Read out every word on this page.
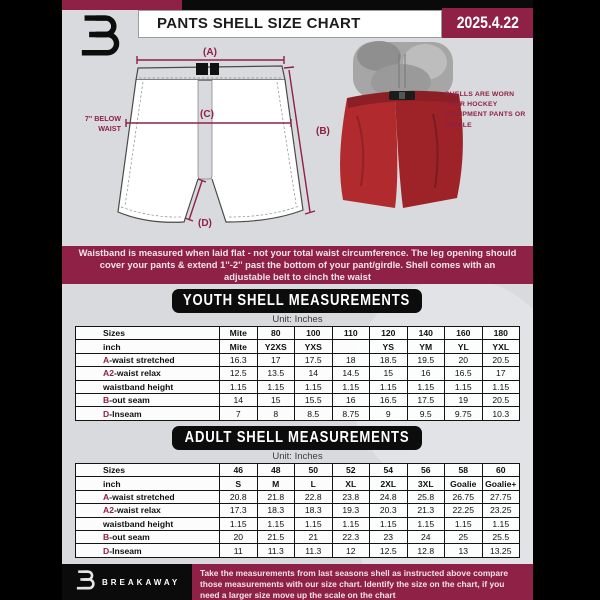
PANTS SHELL SIZE CHART	2025.4.22
(A)
(B)
(C)
(D)
7'' BELOW
WAIST
SHELLS ARE WORN OVER HOCKEY EQUIPMENT PANTS OR GIRDLE
Waistband is measured when laid flat - not your total waist circumference. The leg opening should cover your pants & extend 1''-2'' past the bottom of your pant/girdle. Shell comes with an adjustable belt to cinch the waist
YOUTH SHELL MEASUREMENTS
Unit: Inches
Sizes	Mite	80	100	110	120	140	160	180
inch	Mite	Y2XS	YXS		YS	YM	YL	YXL
A-waist stretched	16.3	17	17.5	18	18.5	19.5	20	20.5
A2-waist relax	12.5	13.5	14	14.5	15	16	16.5	17
waistband height	1.15	1.15	1.15	1.15	1.15	1.15	1.15	1.15
B-out seam	14	15	15.5	16	16.5	17.5	19	20.5
D-Inseam	7	8	8.5	8.75	9	9.5	9.75	10.3
ADULT SHELL MEASUREMENTS
Unit: Inches
Sizes	46	48	50	52	54	56	58	60
inch	S	M	L	XL	2XL	3XL	Goalie	Goalie+
A-waist stretched	20.8	21.8	22.8	23.8	24.8	25.8	26.75	27.75
A2-waist relax	17.3	18.3	18.3	19.3	20.3	21.3	22.25	23.25
waistband height	1.15	1.15	1.15	1.15	1.15	1.15	1.15	1.15
B-out seam	20	21.5	21	22.3	23	24	25	25.5
D-Inseam	11	11.3	11.3	12	12.5	12.8	13	13.25
BREAKAWAY
Take the measurements from last seasons shell as instructed above compare those measurements with our size chart. Identify the size on the chart, if you need a larger size move up the scale on the chart
